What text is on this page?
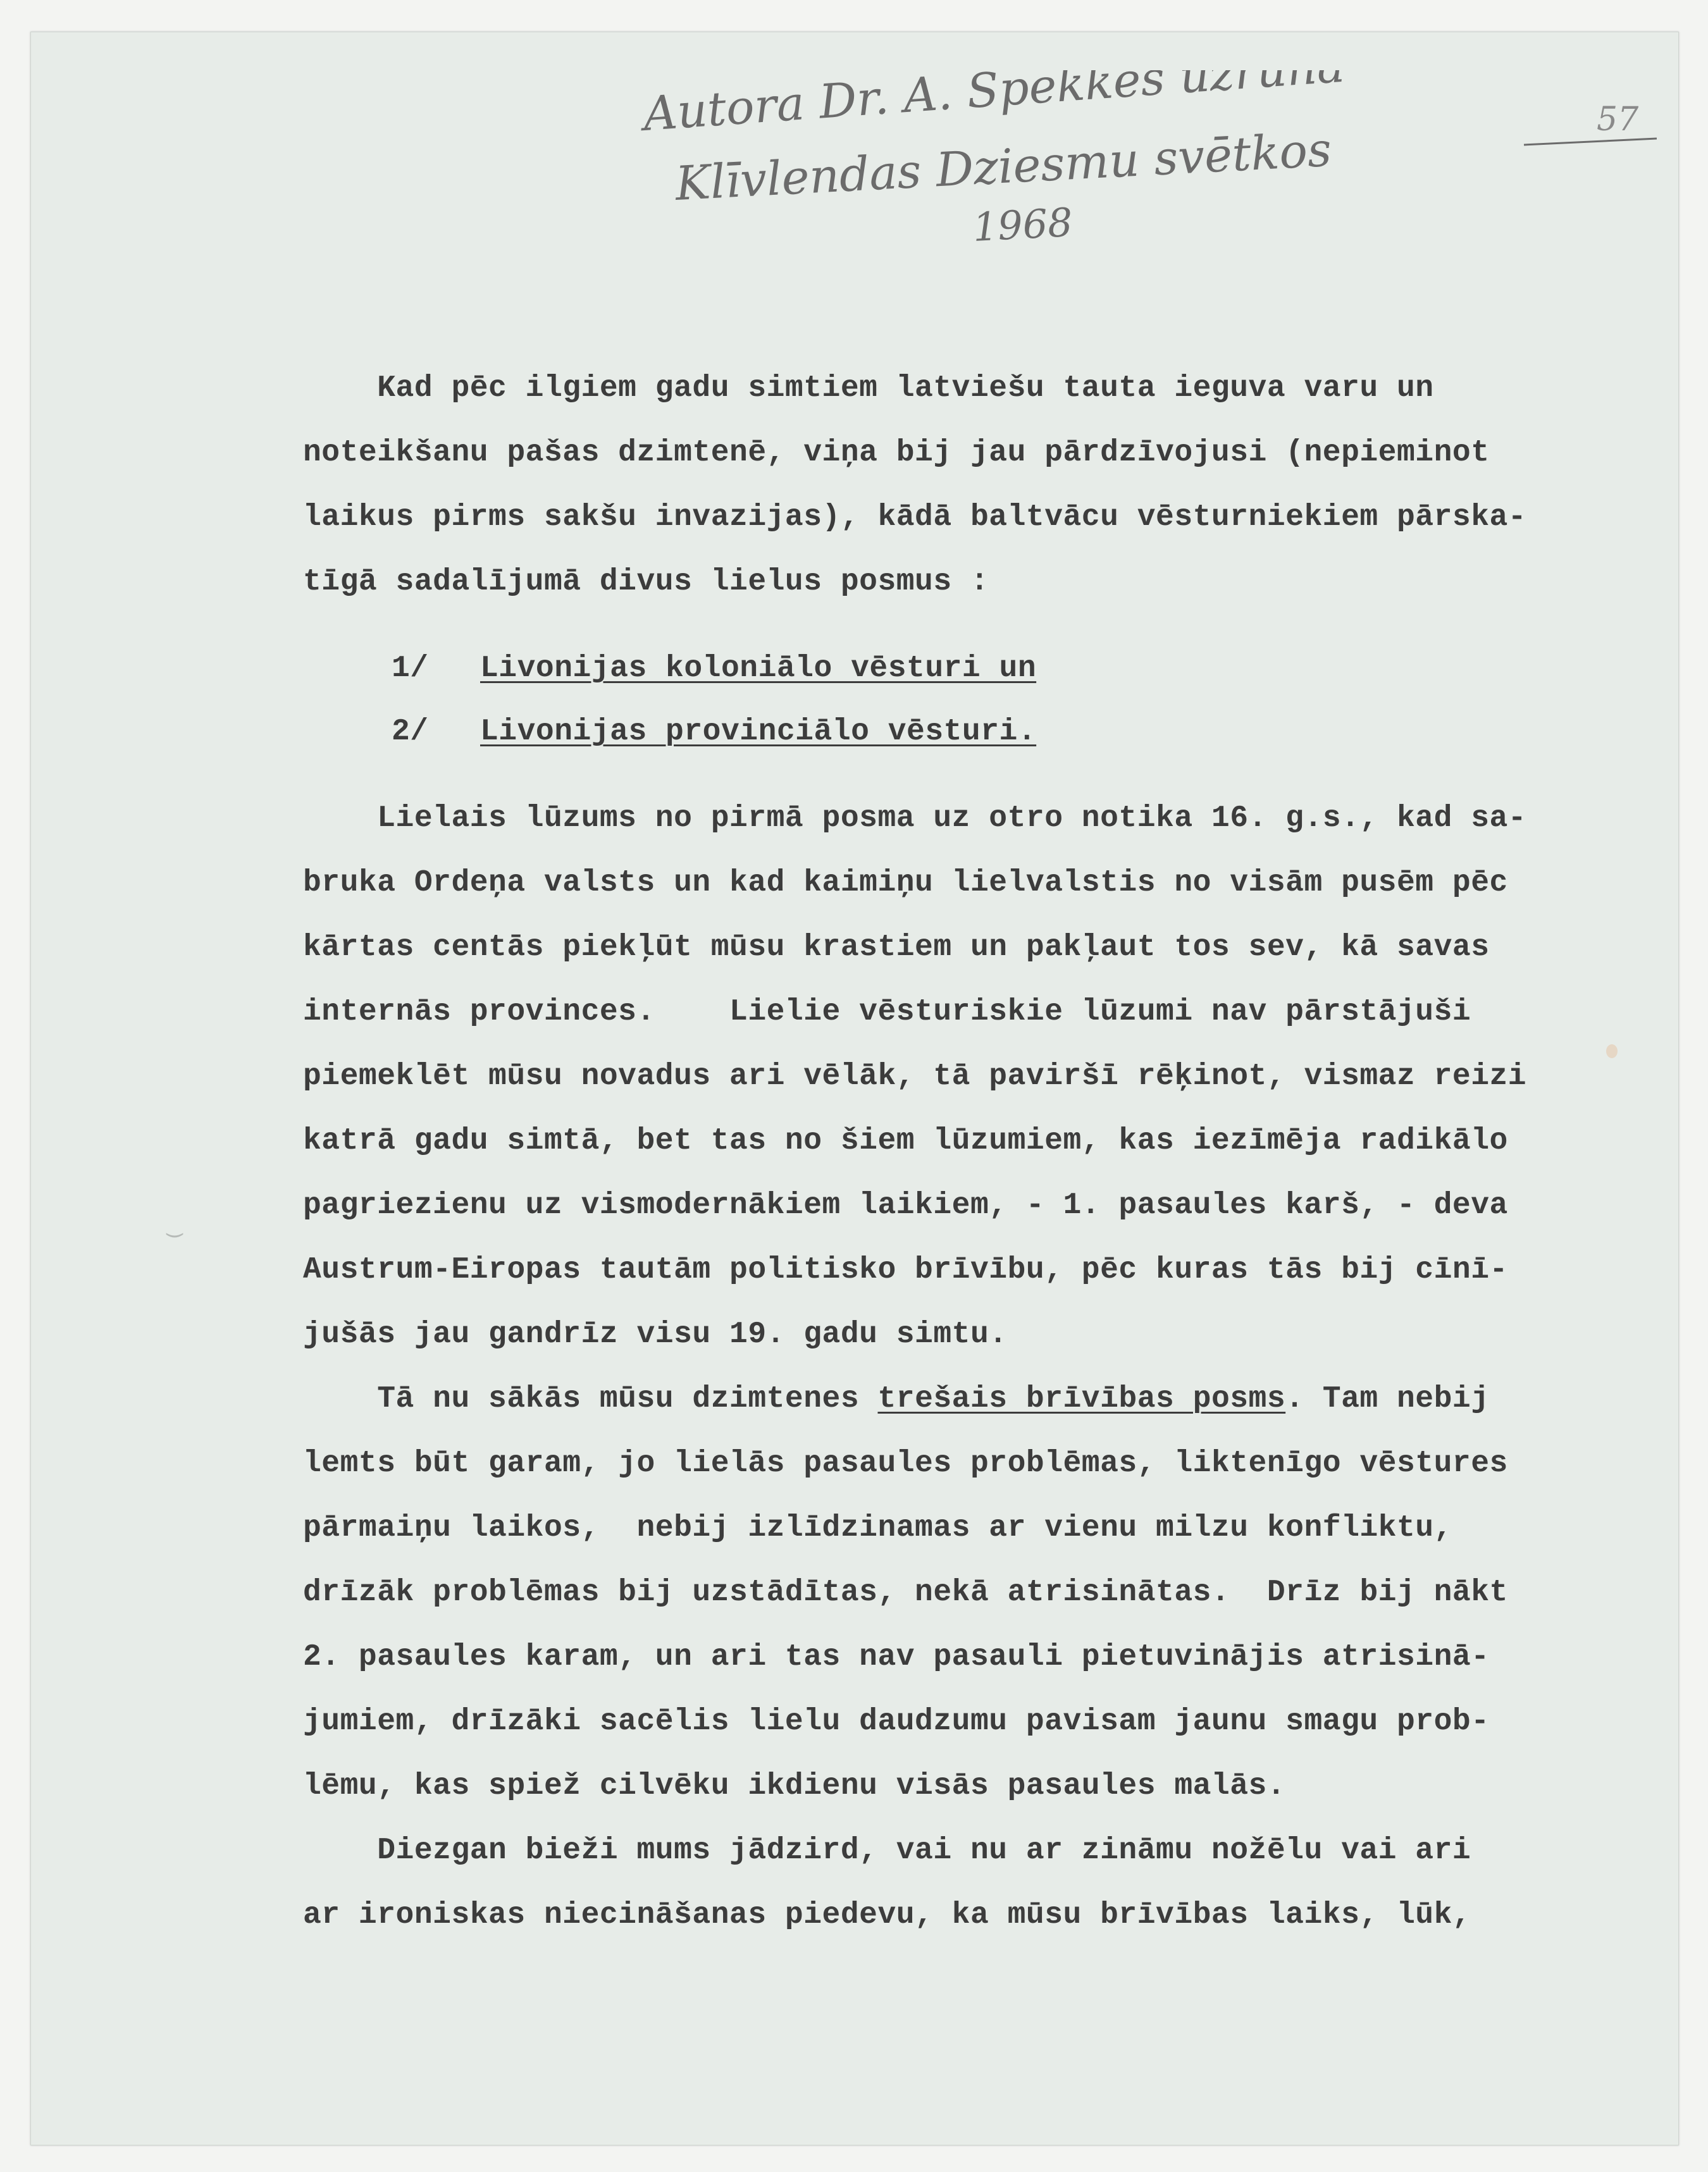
Autora Dr. A. Spekkes uzruna
Klīvlendas Dziesmu svētkos
1968
57
Kad pēc ilgiem gadu simtiem latviešu tauta ieguva varu un
noteikšanu pašas dzimtenē, viņa bij jau pārdzīvojusi (nepieminot
laikus pirms sakšu invazijas), kādā baltvācu vēsturniekiem pārska-
tīgā sadalījumā divus lielus posmus :
1/ Livonijas koloniālo vēsturi un
2/ Livonijas provinciālo vēsturi.
Lielais lūzums no pirmā posma uz otro notika 16. g.s., kad sa-
bruka Ordeņa valsts un kad kaimiņu lielvalstis no visām pusēm pēc
kārtas centās piekļūt mūsu krastiem un pakļaut tos sev, kā savas
internās provinces.    Lielie vēsturiskie lūzumi nav pārstājuši
piemeklēt mūsu novadus ari vēlāk, tā paviršī rēķinot, vismaz reizi
katrā gadu simtā, bet tas no šiem lūzumiem, kas iezīmēja radikālo
pagriezienu uz vismodernākiem laikiem, - 1. pasaules karš, - deva
Austrum-Eiropas tautām politisko brīvību, pēc kuras tās bij cīnī-
jušās jau gandrīz visu 19. gadu simtu.
Tā nu sākās mūsu dzimtenes trešais brīvības posms. Tam nebij
lemts būt garam, jo lielās pasaules problēmas, liktenīgo vēstures
pārmaiņu laikos,  nebij izlīdzinamas ar vienu milzu konfliktu,
drīzāk problēmas bij uzstādītas, nekā atrisinātas.  Drīz bij nākt
2. pasaules karam, un ari tas nav pasauli pietuvinājis atrisinā-
jumiem, drīzāki sacēlis lielu daudzumu pavisam jaunu smagu prob-
lēmu, kas spiež cilvēku ikdienu visās pasaules malās.
Diezgan bieži mums jādzird, vai nu ar zināmu nožēlu vai ari
ar ironiskas niecināšanas piedevu, ka mūsu brīvības laiks, lūk,
‿
